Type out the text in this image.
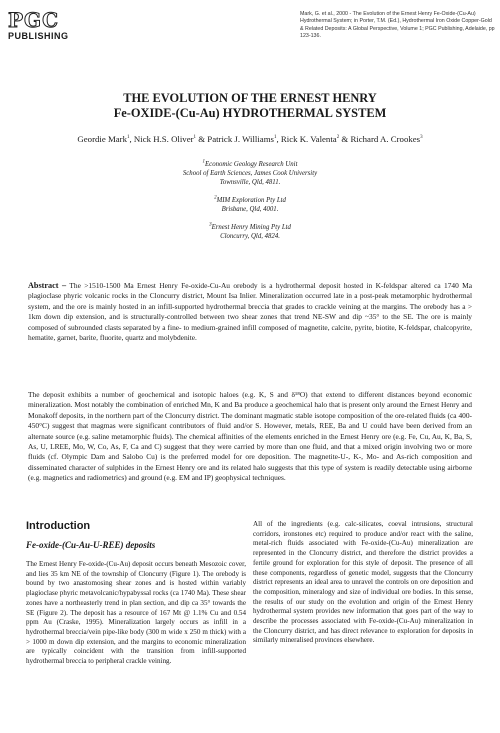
PGC
PUBLISHING
Mark, G. et al., 2000 - The Evolution of the Ernest Henry Fe-Oxide-(Cu-Au) Hydrothermal System; in Porter, T.M. (Ed.), Hydrothermal Iron Oxide Copper-Gold & Related Deposits: A Global Perspective, Volume 1; PGC Publishing, Adelaide, pp 123-136.
THE EVOLUTION OF THE ERNEST HENRY
Fe-OXIDE-(Cu-Au) HYDROTHERMAL SYSTEM
Geordie Mark$^1$, Nick H.S. Oliver$^1$ & Patrick J. Williams$^1$, Rick K. Valenta$^2$ & Richard A. Crookes$^3$
$^1$Economic Geology Research Unit
School of Earth Sciences, James Cook University
Townsville, Qld, 4811.
$^2$MIM Exploration Pty Ltd
Brisbane, Qld, 4001.
$^3$Ernest Henry Mining Pty Ltd
Cloncurry, Qld, 4824.
Abstract – The >1510-1500 Ma Ernest Henry Fe-oxide-Cu-Au orebody is a hydrothermal deposit hosted in K-feldspar altered ca 1740 Ma plagioclase phyric volcanic rocks in the Cloncurry district, Mount Isa Inlier. Mineralization occurred late in a post-peak metamorphic hydrothermal system, and the ore is mainly hosted in an infill-supported hydrothermal breccia that grades to crackle veining at the margins. The orebody has a > 1km down dip extension, and is structurally-controlled between two shear zones that trend NE-SW and dip ~35° to the SE. The ore is mainly composed of subrounded clasts separated by a fine- to medium-grained infill composed of magnetite, calcite, pyrite, biotite, K-feldspar, chalcopyrite, hematite, garnet, barite, fluorite, quartz and molybdenite.
The deposit exhibits a number of geochemical and isotopic haloes (e.g. K, S and δ¹⁸O) that extend to different distances beyond economic mineralization. Most notably the combination of enriched Mn, K and Ba produce a geochemical halo that is present only around the Ernest Henry and Monakoff deposits, in the northern part of the Cloncurry district. The dominant magmatic stable isotope composition of the ore-related fluids (ca 400-450°C) suggest that magmas were significant contributors of fluid and/or S. However, metals, REE, Ba and U could have been derived from an alternate source (e.g. saline metamorphic fluids). The chemical affinities of the elements enriched in the Ernest Henry ore (e.g. Fe, Cu, Au, K, Ba, S, As, U, LREE, Mo, W, Co, As, F, Ca and C) suggest that they were carried by more than one fluid, and that a mixed origin involving two or more fluids (cf. Olympic Dam and Salobo Cu) is the preferred model for ore deposition. The magnetite-U-, K-, Mo- and As-rich composition and disseminated character of sulphides in the Ernest Henry ore and its related halo suggests that this type of system is readily detectable using airborne (e.g. magnetics and radiometrics) and ground (e.g. EM and IP) geophysical techniques.
Introduction
Fe-oxide-(Cu-Au-U-REE) deposits
The Ernest Henry Fe-oxide-(Cu-Au) deposit occurs beneath Mesozoic cover, and lies 35 km NE of the township of Cloncurry (Figure 1). The orebody is bound by two anastomosing shear zones and is hosted within variably plagioclase phyric metavolcanic/hypabyssal rocks (ca 1740 Ma). These shear zones have a northeasterly trend in plan section, and dip ca 35° towards the SE (Figure 2). The deposit has a resource of 167 Mt @ 1.1% Cu and 0.54 ppm Au (Craske, 1995). Mineralization largely occurs as infill in a hydrothermal breccia/vein pipe-like body (300 m wide x 250 m thick) with a > 1000 m down dip extension, and the margins to economic mineralization are typically coincident with the transition from infill-supported hydrothermal breccia to peripheral crackle veining.
All of the ingredients (e.g. calc-silicates, coeval intrusions, structural corridors, ironstones etc) required to produce and/or react with the saline, metal-rich fluids associated with Fe-oxide-(Cu-Au) mineralization are represented in the Cloncurry district, and therefore the district provides a fertile ground for exploration for this style of deposit. The presence of all these components, regardless of genetic model, suggests that the Cloncurry district represents an ideal area to unravel the controls on ore deposition and the composition, mineralogy and size of individual ore bodies. In this sense, the results of our study on the evolution and origin of the Ernest Henry hydrothermal system provides new information that goes part of the way to describe the processes associated with Fe-oxide-(Cu-Au) mineralization in the Cloncurry district, and has direct relevance to exploration for deposits in similarly mineralised provinces elsewhere.
